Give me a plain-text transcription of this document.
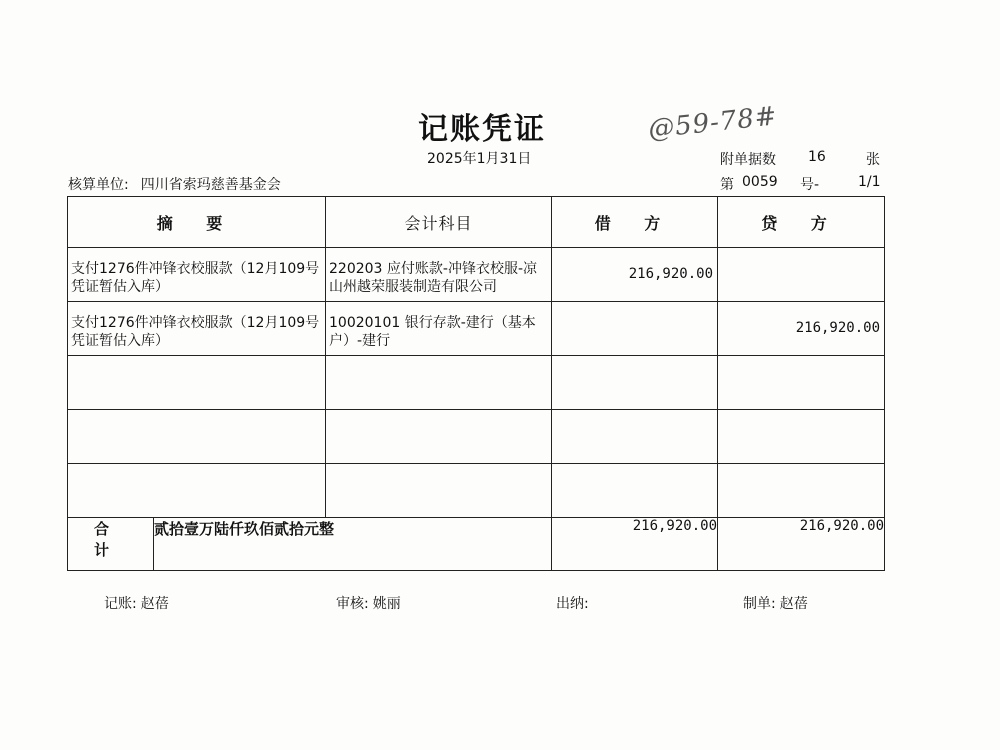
记账凭证	@59-78#
2025年1月31日	附单据数 16	张
核算单位: 四川省索玛慈善基金会	第 0059 号-	1/1
摘 要		会计科目	借 方	贷 方

支付1276件冲锋衣校服款（12月109号凭证暂估入库）		220203 应付账款-冲锋衣校服-凉山州越荣服装制造有限公司	216,920.00	

支付1276件冲锋衣校服款（12月109号凭证暂估入库）		10020101 银行存款-建行（基本户）-建行		216,920.00

合 计	贰拾壹万陆仟玖佰贰拾元整		216,920.00	216,920.00
记账: 赵蓓	审核: 姚丽	出纳:	制单: 赵蓓
